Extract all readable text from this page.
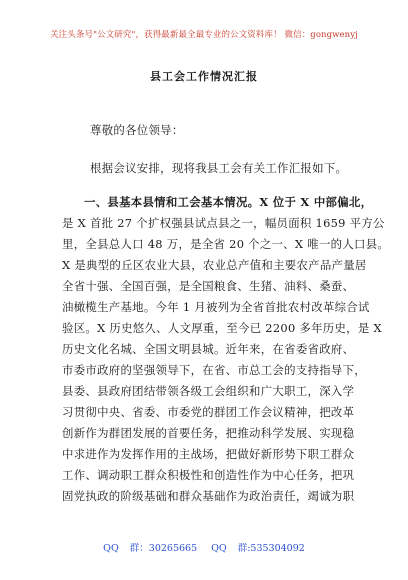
关注头条号"公文研究"，获得最新最全最专业的公文资料库！ 微信：gongwenyj
县工会工作情况汇报
尊敬的各位领导：
根据会议安排，现将我县工会有关工作汇报如下。
一、县基本县情和工会基本情况。X 位于 X 中部偏北，
是 X 首批 27 个扩权强县试点县之一，幅员面积 1659 平方公
里，全县总人口 48 万，是全省 20 个之一、X 唯一的人口县。
X 是典型的丘区农业大县，农业总产值和主要农产品产量居
全省十强、全国百强，是全国粮食、生猪、油料、桑蚕、
油橄榄生产基地。今年 1 月被列为全省首批农村改革综合试
验区。X 历史悠久、人文厚重，至今已 2200 多年历史，是 X
历史文化名城、全国文明县城。近年来，在省委省政府、
市委市政府的坚强领导下，在省、市总工会的支持指导下，
县委、县政府团结带领各级工会组织和广大职工，深入学
习贯彻中央、省委、市委党的群团工作会议精神，把改革
创新作为群团发展的首要任务，把推动科学发展、实现稳
中求进作为发挥作用的主战场，把做好新形势下职工群众
工作、调动职工群众积极性和创造性作为中心任务，把巩
固党执政的阶级基础和群众基础作为政治责任，竭诚为职
QQ 群：30265665 QQ 群:535304092
